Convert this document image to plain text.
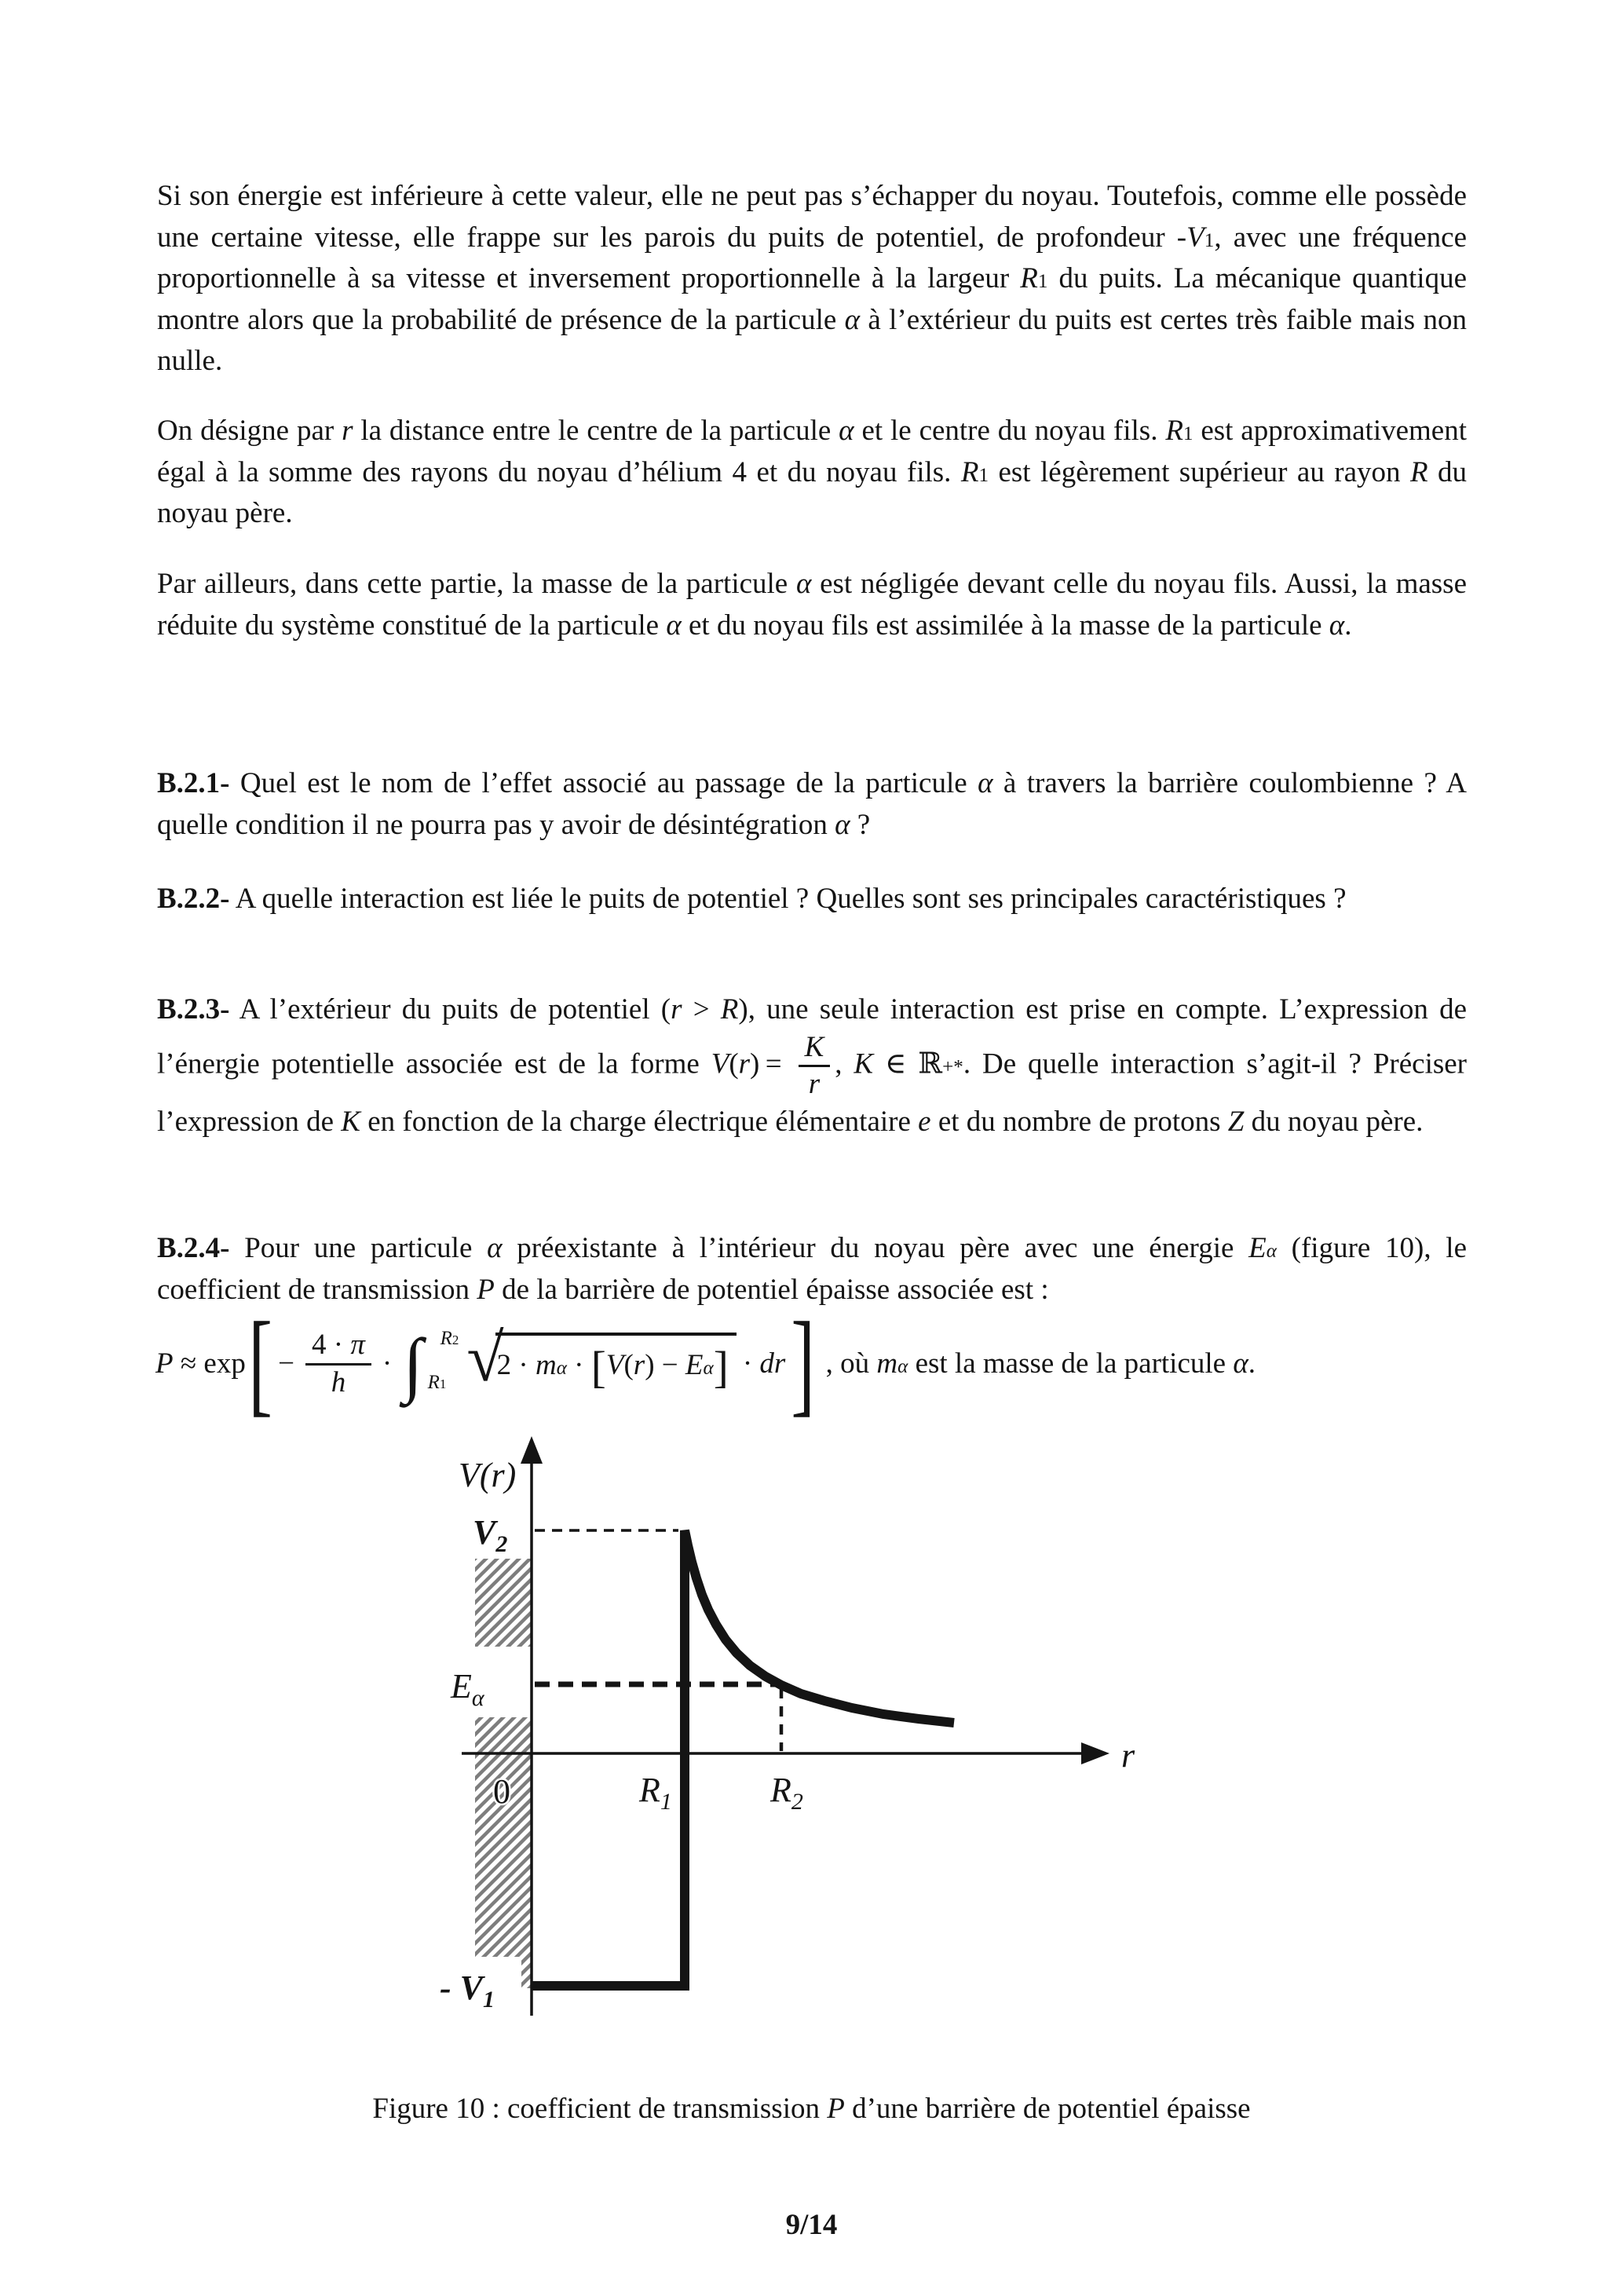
Si son énergie est inférieure à cette valeur, elle ne peut pas s’échapper du noyau. Toutefois, comme elle possède une certaine vitesse, elle frappe sur les parois du puits de potentiel, de profondeur $-V_1$, avec une fréquence proportionnelle à sa vitesse et inversement proportionnelle à la largeur $R_1$ du puits. La mécanique quantique montre alors que la probabilité de présence de la particule α à l’extérieur du puits est certes très faible mais non nulle.

On désigne par r la distance entre le centre de la particule α et le centre du noyau fils. $R_1$ est approximativement égal à la somme des rayons du noyau d’hélium 4 et du noyau fils. $R_1$ est légèrement supérieur au rayon R du noyau père.

Par ailleurs, dans cette partie, la masse de la particule α est négligée devant celle du noyau fils. Aussi, la masse réduite du système constitué de la particule α et du noyau fils est assimilée à la masse de la particule α.

B.2.1- Quel est le nom de l’effet associé au passage de la particule α à travers la barrière coulombienne ? A quelle condition il ne pourra pas y avoir de désintégration α ?

B.2.2- A quelle interaction est liée le puits de potentiel ? Quelles sont ses principales caractéristiques ?

B.2.3- A l’extérieur du puits de potentiel (r > R), une seule interaction est prise en compte. L’expression de l’énergie potentielle associée est de la forme $V(r) = \frac{K}{r}$ , K ∈ ℝ+*. De quelle interaction s’agit-il ? Préciser l’expression de K en fonction de la charge électrique élémentaire e et du nombre de protons Z du noyau père.

B.2.4- Pour une particule α préexistante à l’intérieur du noyau père avec une énergie $E_\alpha$ (figure 10), le coefficient de transmission P de la barrière de potentiel épaisse associée est :

P ≈ exp [ − $\frac{4 \cdot \pi}{h}$ · ∫ $R_2$
$R_1$ √
$2 \cdot m_\alpha \cdot [V(r) - E_\alpha]$ · dr ] , où $m_\alpha$ est la masse de la particule α.
V(r)
$V_2$
$E_\alpha$
0	$R_1$	$R_2$
- $V_1$
r

Figure 10 : coefficient de transmission P d’une barrière de potentiel épaisse

9/14
